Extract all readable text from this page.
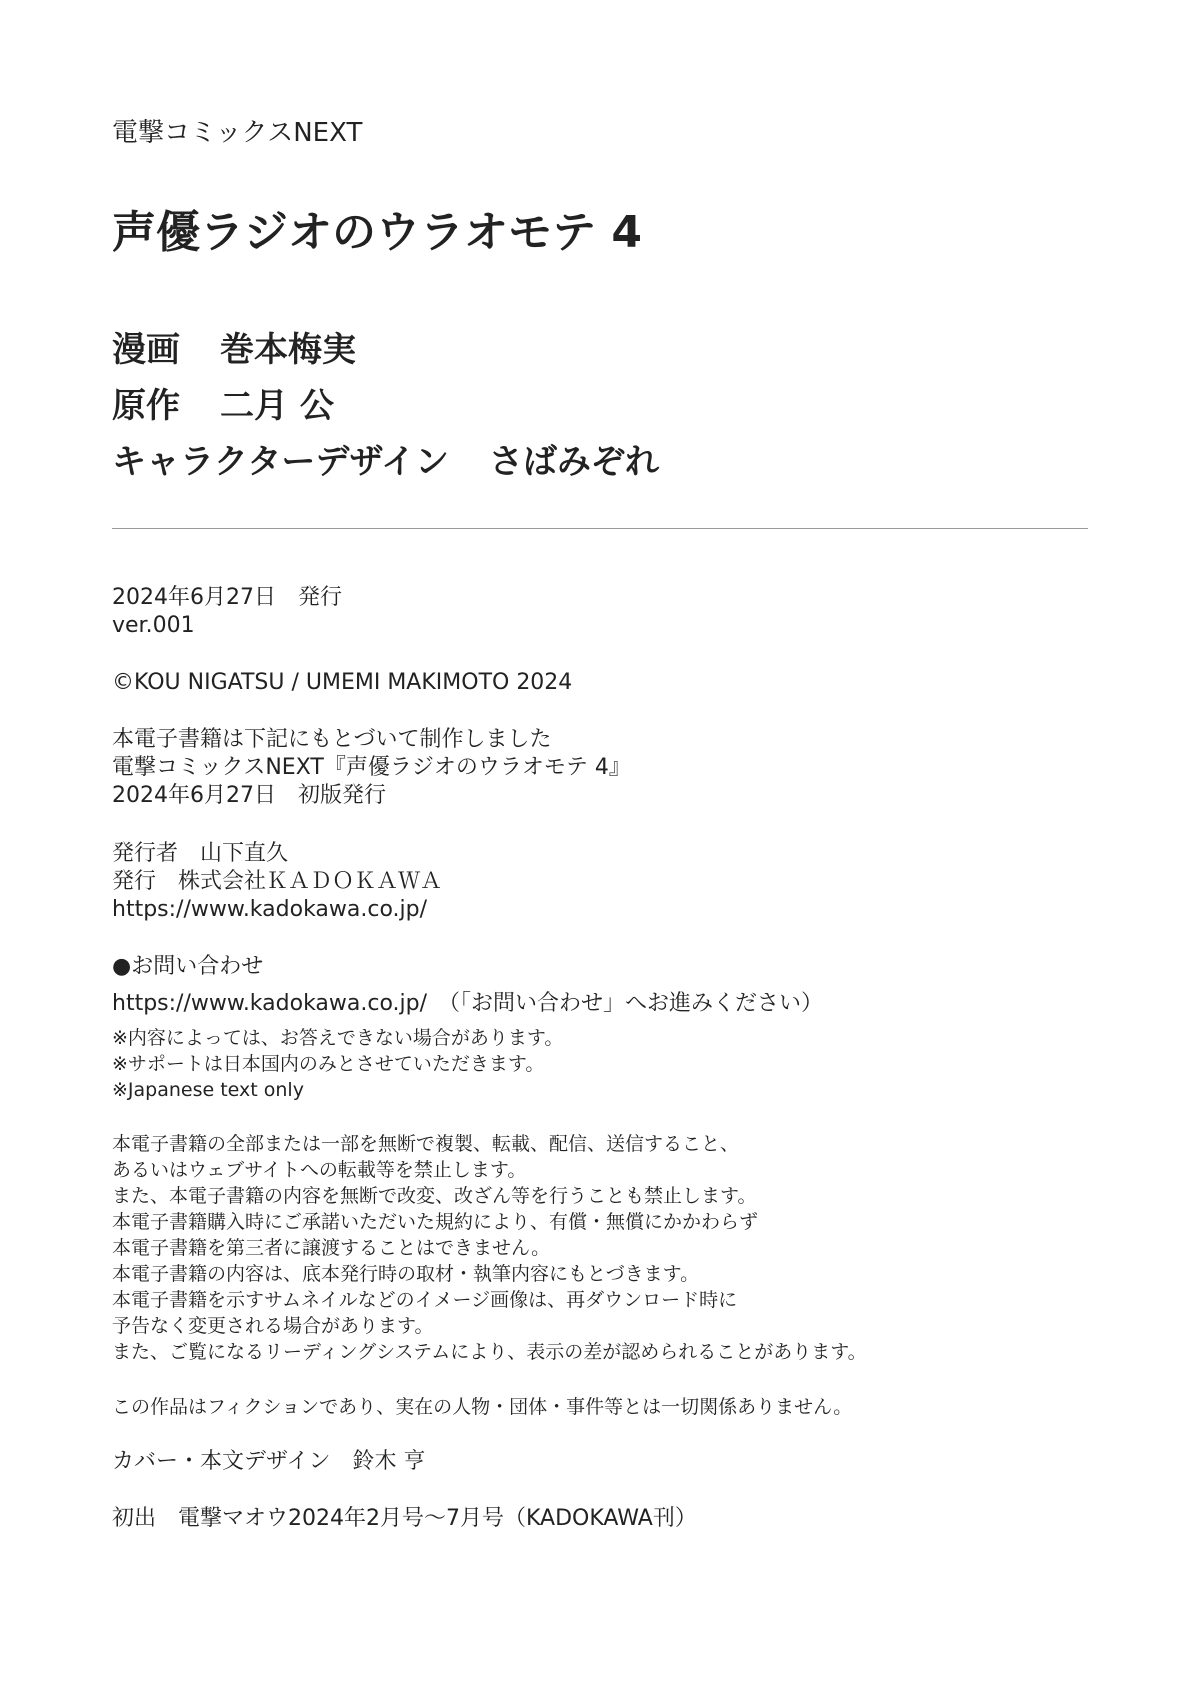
電撃コミックスNEXT
声優ラジオのウラオモテ 4
漫画 巻本梅実
原作 二月 公
キャラクターデザイン さばみぞれ
2024年6月27日　発行
ver.001
©KOU NIGATSU / UMEMI MAKIMOTO 2024
本電子書籍は下記にもとづいて制作しました
電撃コミックスNEXT『声優ラジオのウラオモテ 4』
2024年6月27日　初版発行
発行者　山下直久
発行　株式会社ＫＡＤＯＫＡＷＡ
https://www.kadokawa.co.jp/
●お問い合わせ
https://www.kadokawa.co.jp/　（「お問い合わせ」へお進みください）
※内容によっては、お答えできない場合があります。
※サポートは日本国内のみとさせていただきます。
※Japanese text only
本電子書籍の全部または一部を無断で複製、転載、配信、送信すること、
あるいはウェブサイトへの転載等を禁止します。
また、本電子書籍の内容を無断で改変、改ざん等を行うことも禁止します。
本電子書籍購入時にご承諾いただいた規約により、有償・無償にかかわらず
本電子書籍を第三者に譲渡することはできません。
本電子書籍の内容は、底本発行時の取材・執筆内容にもとづきます。
本電子書籍を示すサムネイルなどのイメージ画像は、再ダウンロード時に
予告なく変更される場合があります。
また、ご覧になるリーディングシステムにより、表示の差が認められることがあります。
この作品はフィクションであり、実在の人物・団体・事件等とは一切関係ありません。
カバー・本文デザイン　鈴木 亨
初出　電撃マオウ2024年2月号〜7月号（KADOKAWA刊）
